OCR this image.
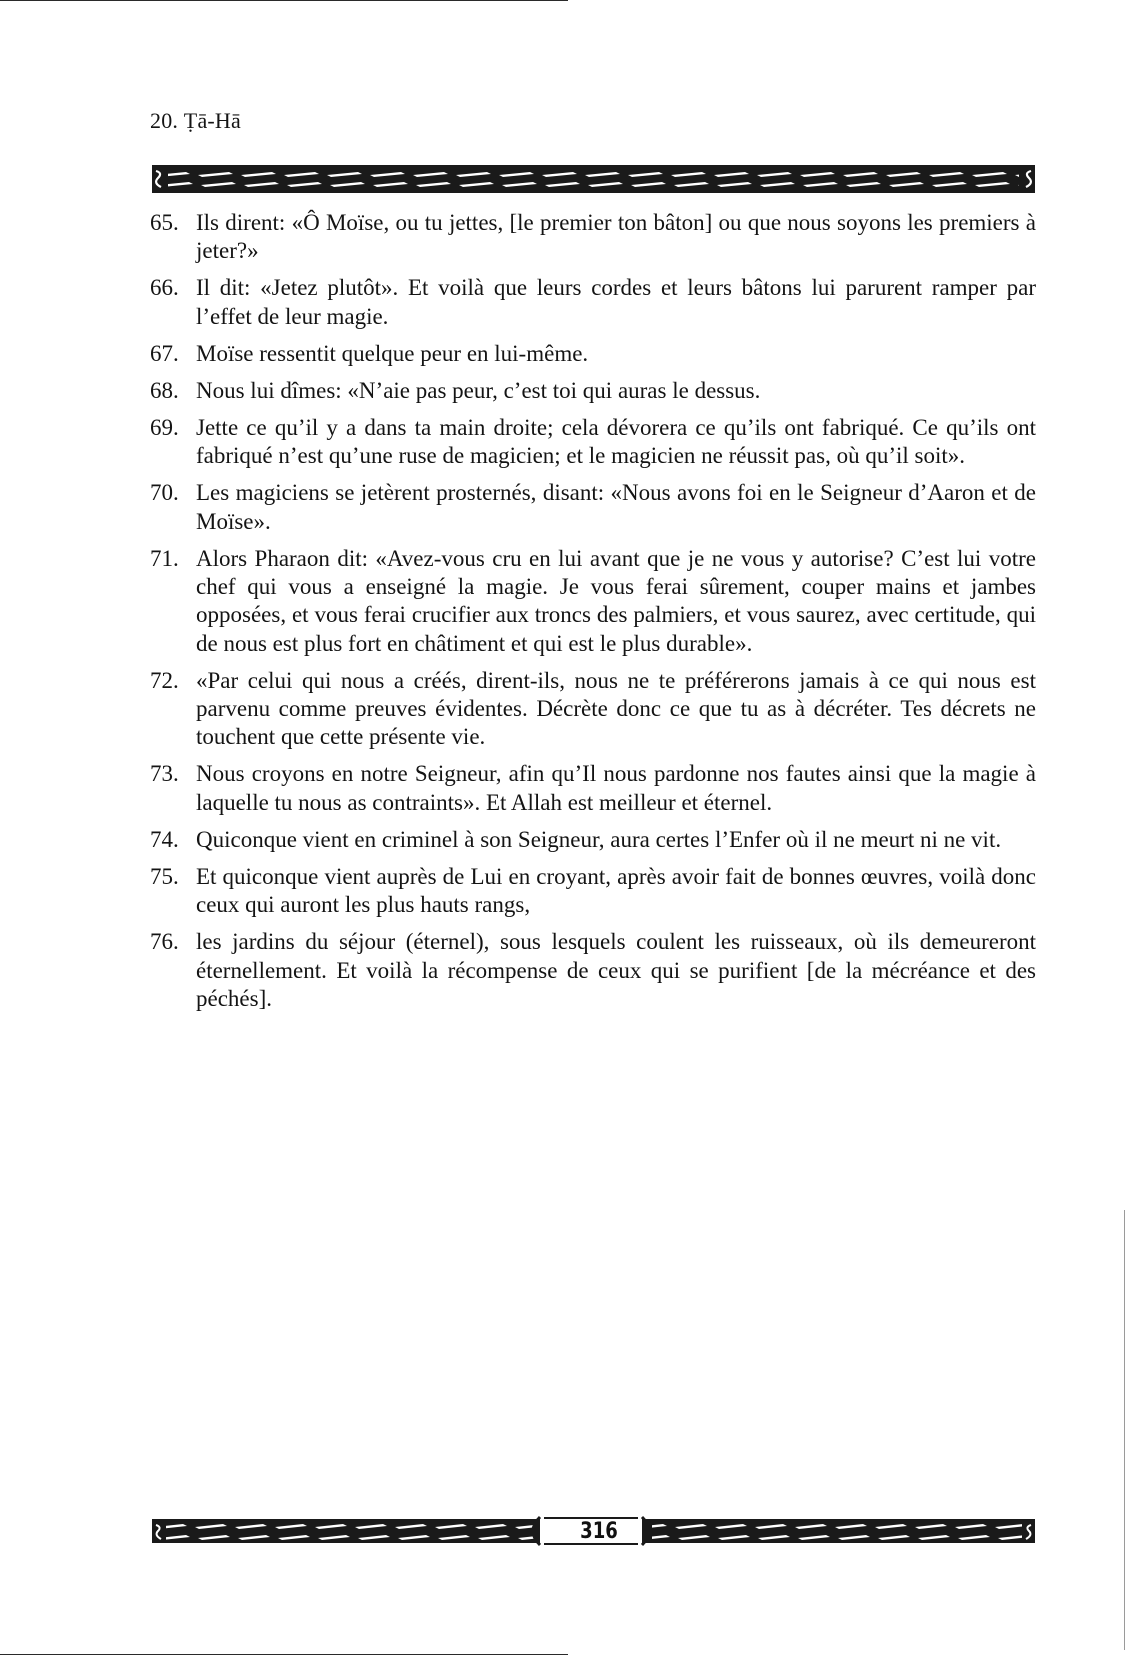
20. Ṭā-Hā
65. Ils dirent: «Ô Moïse, ou tu jettes, [le premier ton bâton] ou que nous soyons les premiers à jeter?»
66. Il dit: «Jetez plutôt». Et voilà que leurs cordes et leurs bâtons lui parurent ramper par l’effet de leur magie.
67. Moïse ressentit quelque peur en lui-même.
68. Nous lui dîmes: «N’aie pas peur, c’est toi qui auras le dessus.
69. Jette ce qu’il y a dans ta main droite; cela dévorera ce qu’ils ont fabriqué. Ce qu’ils ont fabriqué n’est qu’une ruse de magicien; et le magicien ne réussit pas, où qu’il soit».
70. Les magiciens se jetèrent prosternés, disant: «Nous avons foi en le Seigneur d’Aaron et de Moïse».
71. Alors Pharaon dit: «Avez-vous cru en lui avant que je ne vous y autorise? C’est lui votre chef qui vous a enseigné la magie. Je vous ferai sûrement, couper mains et jambes opposées, et vous ferai crucifier aux troncs des palmiers, et vous saurez, avec certitude, qui de nous est plus fort en châtiment et qui est le plus durable».
72. «Par celui qui nous a créés, dirent-ils, nous ne te préférerons jamais à ce qui nous est parvenu comme preuves évidentes. Décrète donc ce que tu as à décréter. Tes décrets ne touchent que cette présente vie.
73. Nous croyons en notre Seigneur, afin qu’Il nous pardonne nos fautes ainsi que la magie à laquelle tu nous as contraints». Et Allah est meilleur et éternel.
74. Quiconque vient en criminel à son Seigneur, aura certes l’Enfer où il ne meurt ni ne vit.
75. Et quiconque vient auprès de Lui en croyant, après avoir fait de bonnes œuvres, voilà donc ceux qui auront les plus hauts rangs,
76. les jardins du séjour (éternel), sous lesquels coulent les ruisseaux, où ils demeureront éternellement. Et voilà la récompense de ceux qui se purifient [de la mécréance et des péchés].
316
